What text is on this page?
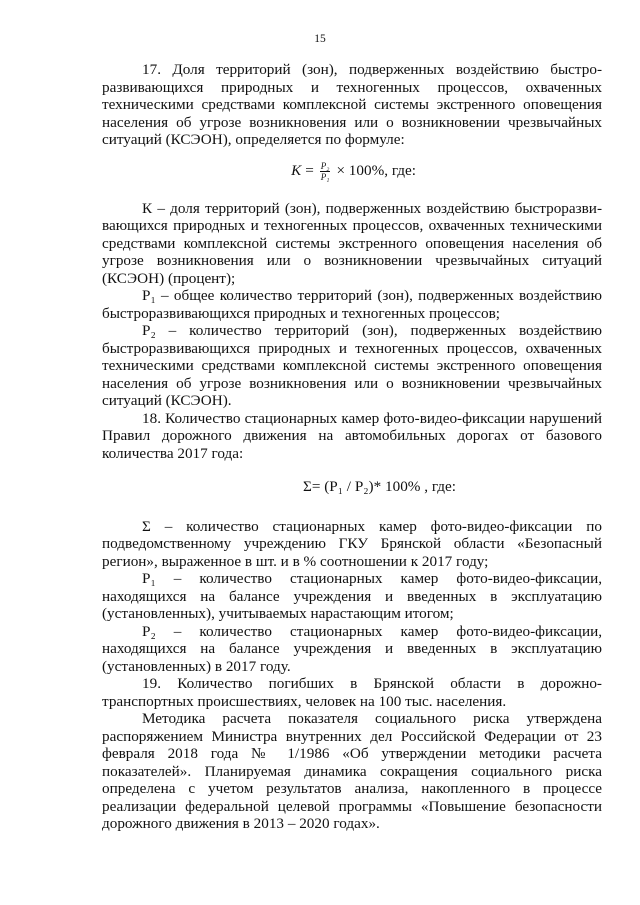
15

17. Доля территорий (зон), подверженных воздействию быстроразвивающихся природных и техногенных процессов, охваченных техническими средствами комплексной системы экстренного оповещения населения об угрозе возникновения или о возникновении чрезвычайных ситуаций (КСЭОН), определяется по формуле:

$K = \frac{\text{P₂}}{\text{P₁}} \times 100\%$, где:

К – доля территорий (зон), подверженных воздействию быстроразвивающихся природных и техногенных процессов, охваченных техническими средствами комплексной системы экстренного оповещения населения об угрозе возникновения или о возникновении чрезвычайных ситуаций (КСЭОН) (процент);

P₁ – общее количество территорий (зон), подверженных воздействию быстроразвивающихся природных и техногенных процессов;

P₂ – количество территорий (зон), подверженных воздействию быстроразвивающихся природных и техногенных процессов, охваченных техническими средствами комплексной системы экстренного оповещения населения об угрозе возникновения или о возникновении чрезвычайных ситуаций (КСЭОН).

18. Количество стационарных камер фото-видео-фиксации нарушений Правил дорожного движения на автомобильных дорогах от базового количества 2017 года:

Σ= (P₁ / P₂)* 100% , где:

Σ – количество стационарных камер фото-видео-фиксации по подведомственному учреждению ГКУ Брянской области «Безопасный регион», выраженное в шт. и в % соотношении к 2017 году;

P₁ – количество стационарных камер фото-видео-фиксации, находящихся на балансе учреждения и введенных в эксплуатацию (установленных), учитываемых нарастающим итогом;

P₂ – количество стационарных камер фото-видео-фиксации, находящихся на балансе учреждения и введенных в эксплуатацию (установленных) в 2017 году.

19. Количество погибших в Брянской области в дорожно-транспортных происшествиях, человек на 100 тыс. населения.

Методика расчета показателя социального риска утверждена распоряжением Министра внутренних дел Российской Федерации от 23 февраля 2018 года № 1/1986 «Об утверждении методики расчета показателей». Планируемая динамика сокращения социального риска определена с учетом результатов анализа, накопленного в процессе реализации федеральной целевой программы «Повышение безопасности дорожного движения в 2013 – 2020 годах».
